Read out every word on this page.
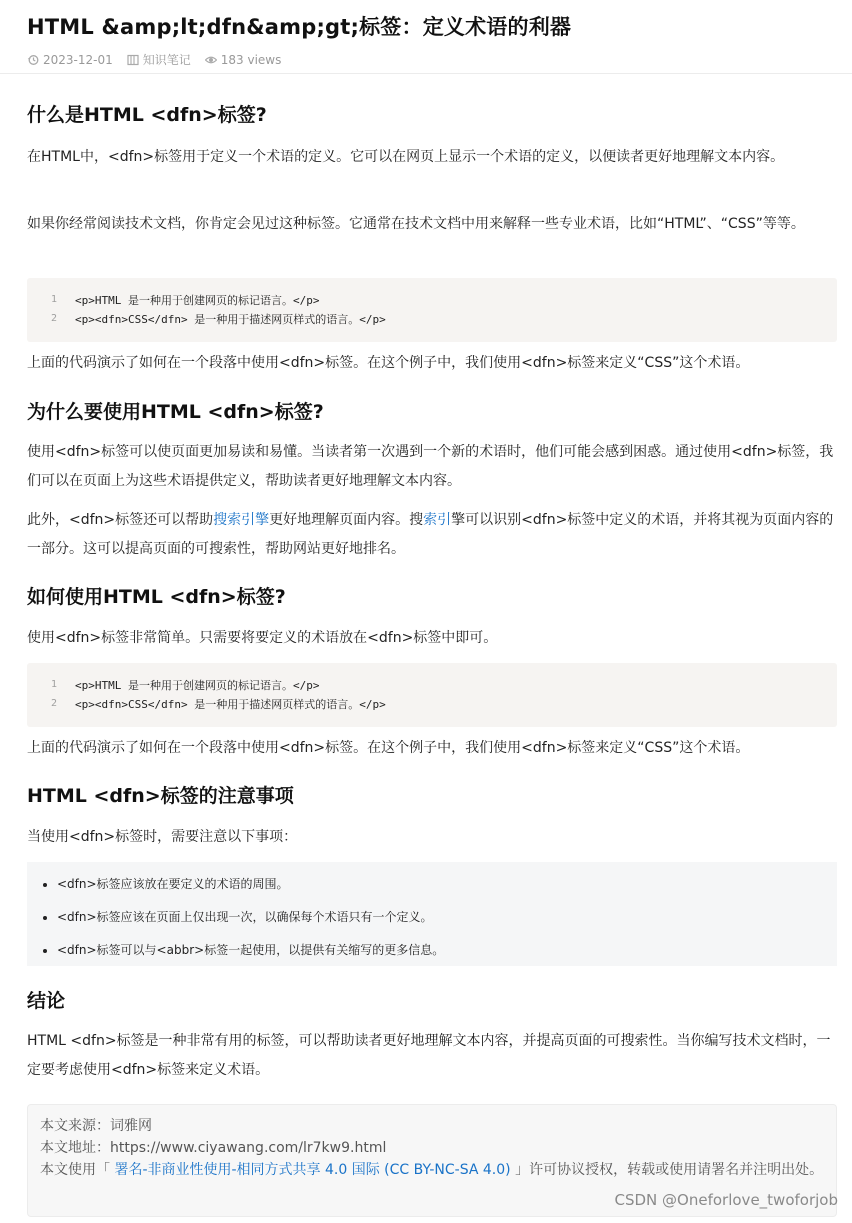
HTML &amp;lt;dfn&amp;gt;标签：定义术语的利器
2023-12-01	知识笔记	183 views
什么是HTML <dfn>标签?

在HTML中，<dfn>标签用于定义一个术语的定义。它可以在网页上显示一个术语的定义，以便读者更好地理解文本内容。

如果你经常阅读技术文档，你肯定会见过这种标签。它通常在技术文档中用来解释一些专业术语，比如“HTML”、“CSS”等等。

1	<p>HTML 是一种用于创建网页的标记语言。</p>
2	<p><dfn>CSS</dfn> 是一种用于描述网页样式的语言。</p>

上面的代码演示了如何在一个段落中使用<dfn>标签。在这个例子中，我们使用<dfn>标签来定义“CSS”这个术语。

为什么要使用HTML <dfn>标签?

使用<dfn>标签可以使页面更加易读和易懂。当读者第一次遇到一个新的术语时，他们可能会感到困惑。通过使用<dfn>标签，我们可以在页面上为这些术语提供定义，帮助读者更好地理解文本内容。

此外，<dfn>标签还可以帮助搜索引擎更好地理解页面内容。搜索引擎可以识别<dfn>标签中定义的术语，并将其视为页面内容的一部分。这可以提高页面的可搜索性，帮助网站更好地排名。

如何使用HTML <dfn>标签?

使用<dfn>标签非常简单。只需要将要定义的术语放在<dfn>标签中即可。

1	<p>HTML 是一种用于创建网页的标记语言。</p>
2	<p><dfn>CSS</dfn> 是一种用于描述网页样式的语言。</p>

上面的代码演示了如何在一个段落中使用<dfn>标签。在这个例子中，我们使用<dfn>标签来定义“CSS”这个术语。

HTML <dfn>标签的注意事项

当使用<dfn>标签时，需要注意以下事项：

• <dfn>标签应该放在要定义的术语的周围。
• <dfn>标签应该在页面上仅出现一次，以确保每个术语只有一个定义。
• <dfn>标签可以与<abbr>标签一起使用，以提供有关缩写的更多信息。
结论

HTML <dfn>标签是一种非常有用的标签，可以帮助读者更好地理解文本内容，并提高页面的可搜索性。当你编写技术文档时，一定要考虑使用<dfn>标签来定义术语。

本文来源：词雅网
本文地址：https://www.ciyawang.com/lr7kw9.html
本文使用「 署名-非商业性使用-相同方式共享 4.0 国际 (CC BY-NC-SA 4.0) 」许可协议授权，转载或使用请署名并注明出处。
CSDN @Oneforlove_twoforjob
